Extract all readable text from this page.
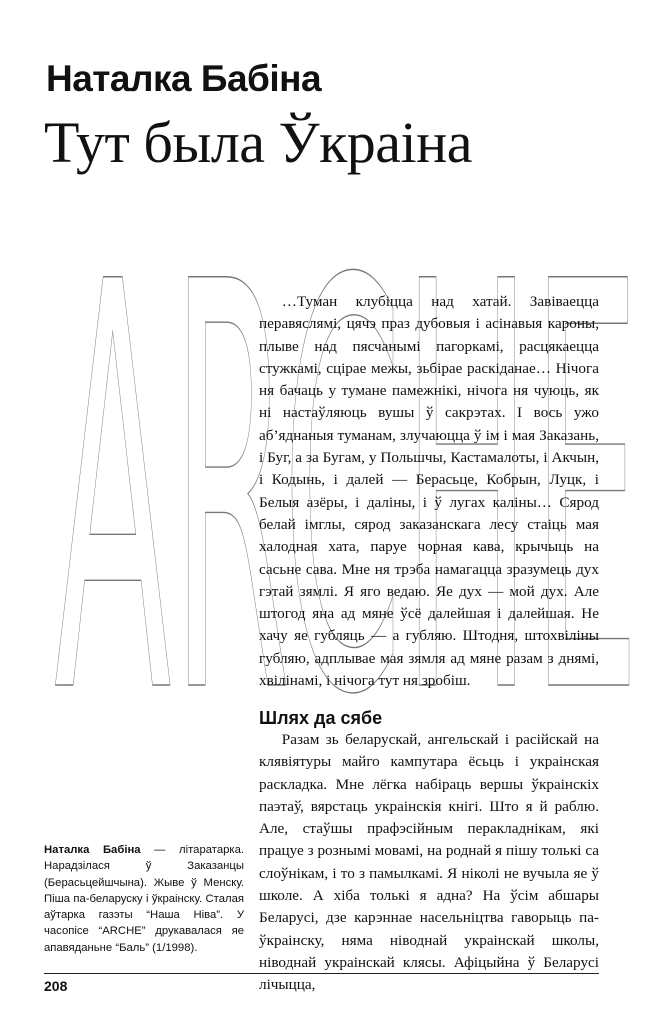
Наталка Бабіна
Тут была Ўкраіна
ARCHE

…Туман клубіцца над хатай. Завіваецца перавяслямі, цячэ праз дубовыя і асінавыя кароны, плыве над пясчанымі пагоркамі, расцякаецца стужкамі, сцірае межы, зьбірае раскіданае… Нічога ня бачаць у тумане памежнікі, нічога ня чуюць, як ні настаўляюць вушы ў сакрэтах. І вось ужо аб’яднаныя туманам, злучаюцца ў ім і мая Заказань, і Буг, а за Бугам, у Польшчы, Кастамалоты, і Акчын, і Кодынь, і далей — Берасьце, Кобрын, Луцк, і Белыя азёры, і даліны, і ў лугах каліны… Сярод белай імглы, сярод заказанскага лесу стаіць мая халодная хата, паруе чорная кава, крычыць на сасьне сава. Мне ня трэба намагацца зразумець дух гэтай зямлі. Я яго ведаю. Яе дух — мой дух. Але штогод яна ад мяне ўсё далейшая і далейшая. Не хачу яе губляць — а губляю. Штодня, штохвіліны губляю, адплывае мая зямля ад мяне разам з днямі, хвілінамі, і нічога тут ня зробіш.

Шлях да сябе

Разам зь беларускай, ангельскай і расійскай на клявіятуры майго кампутара ёсьць і украінская раскладка. Мне лёгка набіраць вершы ўкраінскіх паэтаў, вярстаць украінскія кнігі. Што я й раблю. Але, стаўшы прафэсійным перакладнікам, які працуе з рознымі мовамі, на роднай я пішу толькі са слоўнікам, і то з памылкамі. Я ніколі не вучыла яе ў школе. А хіба толькі я адна? На ўсім абшары Беларусі, дзе карэннае насельніцтва гаворыць па-ўкраінску, няма ніводнай украінскай школы, ніводнай украінскай клясы. Афіцыйна ў Беларусі лічыцца,

Наталка Бабіна — літаратарка. Нарадзілася ў Заказанцы (Берасьцейшчына). Жыве ў Менску. Піша па-беларуску і ўкраінску. Сталая аўтарка газэты “Наша Ніва”. У часопісе “ARCHE” друкавалася яе апавяданьне “Баль” (1/1998).
208
